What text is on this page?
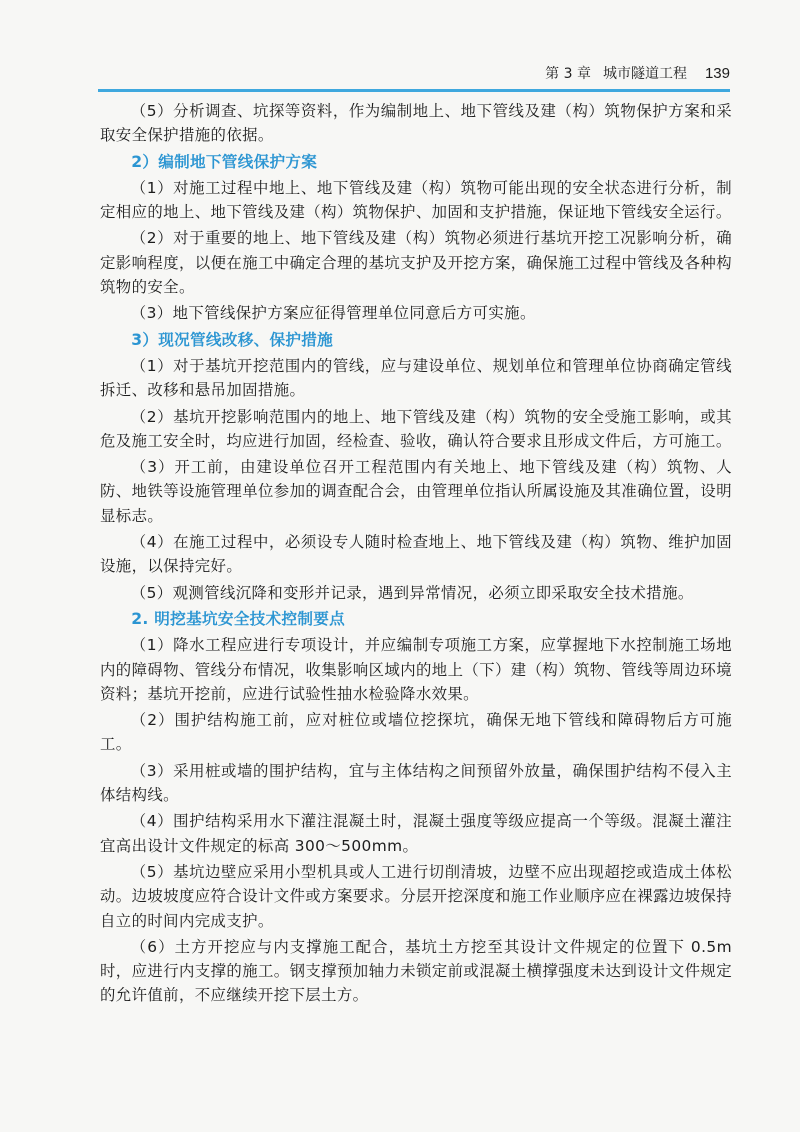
第 3 章 城市隧道工程 139

（5）分析调查、坑探等资料，作为编制地上、地下管线及建（构）筑物保护方案和采取安全保护措施的依据。

2）编制地下管线保护方案

（1）对施工过程中地上、地下管线及建（构）筑物可能出现的安全状态进行分析，制定相应的地上、地下管线及建（构）筑物保护、加固和支护措施，保证地下管线安全运行。

（2）对于重要的地上、地下管线及建（构）筑物必须进行基坑开挖工况影响分析，确定影响程度，以便在施工中确定合理的基坑支护及开挖方案，确保施工过程中管线及各种构筑物的安全。

（3）地下管线保护方案应征得管理单位同意后方可实施。

3）现况管线改移、保护措施

（1）对于基坑开挖范围内的管线，应与建设单位、规划单位和管理单位协商确定管线拆迁、改移和悬吊加固措施。

（2）基坑开挖影响范围内的地上、地下管线及建（构）筑物的安全受施工影响，或其危及施工安全时，均应进行加固，经检查、验收，确认符合要求且形成文件后，方可施工。

（3）开工前，由建设单位召开工程范围内有关地上、地下管线及建（构）筑物、人防、地铁等设施管理单位参加的调查配合会，由管理单位指认所属设施及其准确位置，设明显标志。

（4）在施工过程中，必须设专人随时检查地上、地下管线及建（构）筑物、维护加固设施，以保持完好。

（5）观测管线沉降和变形并记录，遇到异常情况，必须立即采取安全技术措施。

2. 明挖基坑安全技术控制要点

（1）降水工程应进行专项设计，并应编制专项施工方案，应掌握地下水控制施工场地内的障碍物、管线分布情况，收集影响区域内的地上（下）建（构）筑物、管线等周边环境资料；基坑开挖前，应进行试验性抽水检验降水效果。

（2）围护结构施工前，应对桩位或墙位挖探坑，确保无地下管线和障碍物后方可施工。

（3）采用桩或墙的围护结构，宜与主体结构之间预留外放量，确保围护结构不侵入主体结构线。

（4）围护结构采用水下灌注混凝土时，混凝土强度等级应提高一个等级。混凝土灌注宜高出设计文件规定的标高 300～500mm。

（5）基坑边壁应采用小型机具或人工进行切削清坡，边壁不应出现超挖或造成土体松动。边坡坡度应符合设计文件或方案要求。分层开挖深度和施工作业顺序应在裸露边坡保持自立的时间内完成支护。

（6）土方开挖应与内支撑施工配合，基坑土方挖至其设计文件规定的位置下 0.5m时，应进行内支撑的施工。钢支撑预加轴力未锁定前或混凝土横撑强度未达到设计文件规定的允许值前，不应继续开挖下层土方。
